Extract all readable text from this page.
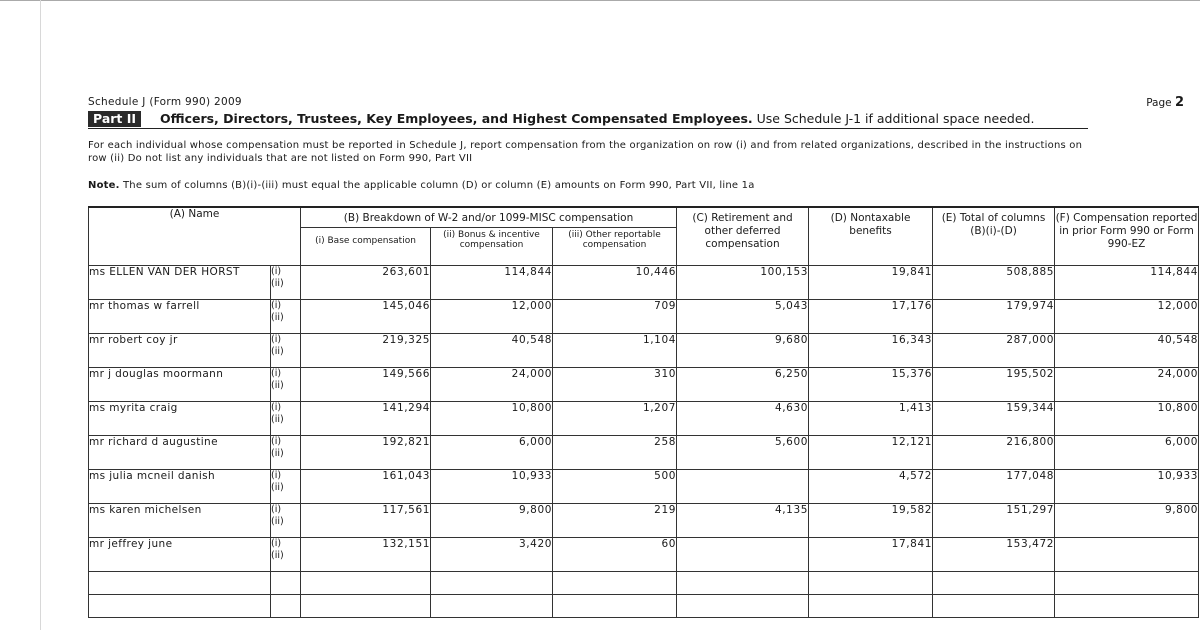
Schedule J (Form 990) 2009	Page 2
Part II	Officers, Directors, Trustees, Key Employees, and Highest Compensated Employees. Use Schedule J-1 if additional space needed.
For each individual whose compensation must be reported in Schedule J, report compensation from the organization on row (i) and from related organizations, described in the instructions on row (ii) Do not list any individuals that are not listed on Form 990, Part VII
Note. The sum of columns (B)(i)-(iii) must equal the applicable column (D) or column (E) amounts on Form 990, Part VII, line 1a
(A) Name		(B) Breakdown of W-2 and/or 1099-MISC compensation			(C) Retirement and other deferred compensation	(D) Nontaxable benefits	(E) Total of columns (B)(i)-(D)	(F) Compensation reported in prior Form 990 or Form 990-EZ
		(i) Base compensation	(ii) Bonus & incentive compensation	(iii) Other reportable compensation				
ms ELLEN VAN DER HORST	(i)
(ii)	263,601	114,844	10,446	100,153	19,841	508,885	114,844
mr thomas w farrell	(i)
(ii)	145,046	12,000	709	5,043	17,176	179,974	12,000
mr robert coy jr	(i)
(ii)	219,325	40,548	1,104	9,680	16,343	287,000	40,548
mr j douglas moormann	(i)
(ii)	149,566	24,000	310	6,250	15,376	195,502	24,000
ms myrita craig	(i)
(ii)	141,294	10,800	1,207	4,630	1,413	159,344	10,800
mr richard d augustine	(i)
(ii)	192,821	6,000	258	5,600	12,121	216,800	6,000
ms julia mcneil danish	(i)
(ii)	161,043	10,933	500		4,572	177,048	10,933
ms karen michelsen	(i)
(ii)	117,561	9,800	219	4,135	19,582	151,297	9,800
mr jeffrey june	(i)
(ii)	132,151	3,420	60		17,841	153,472	
